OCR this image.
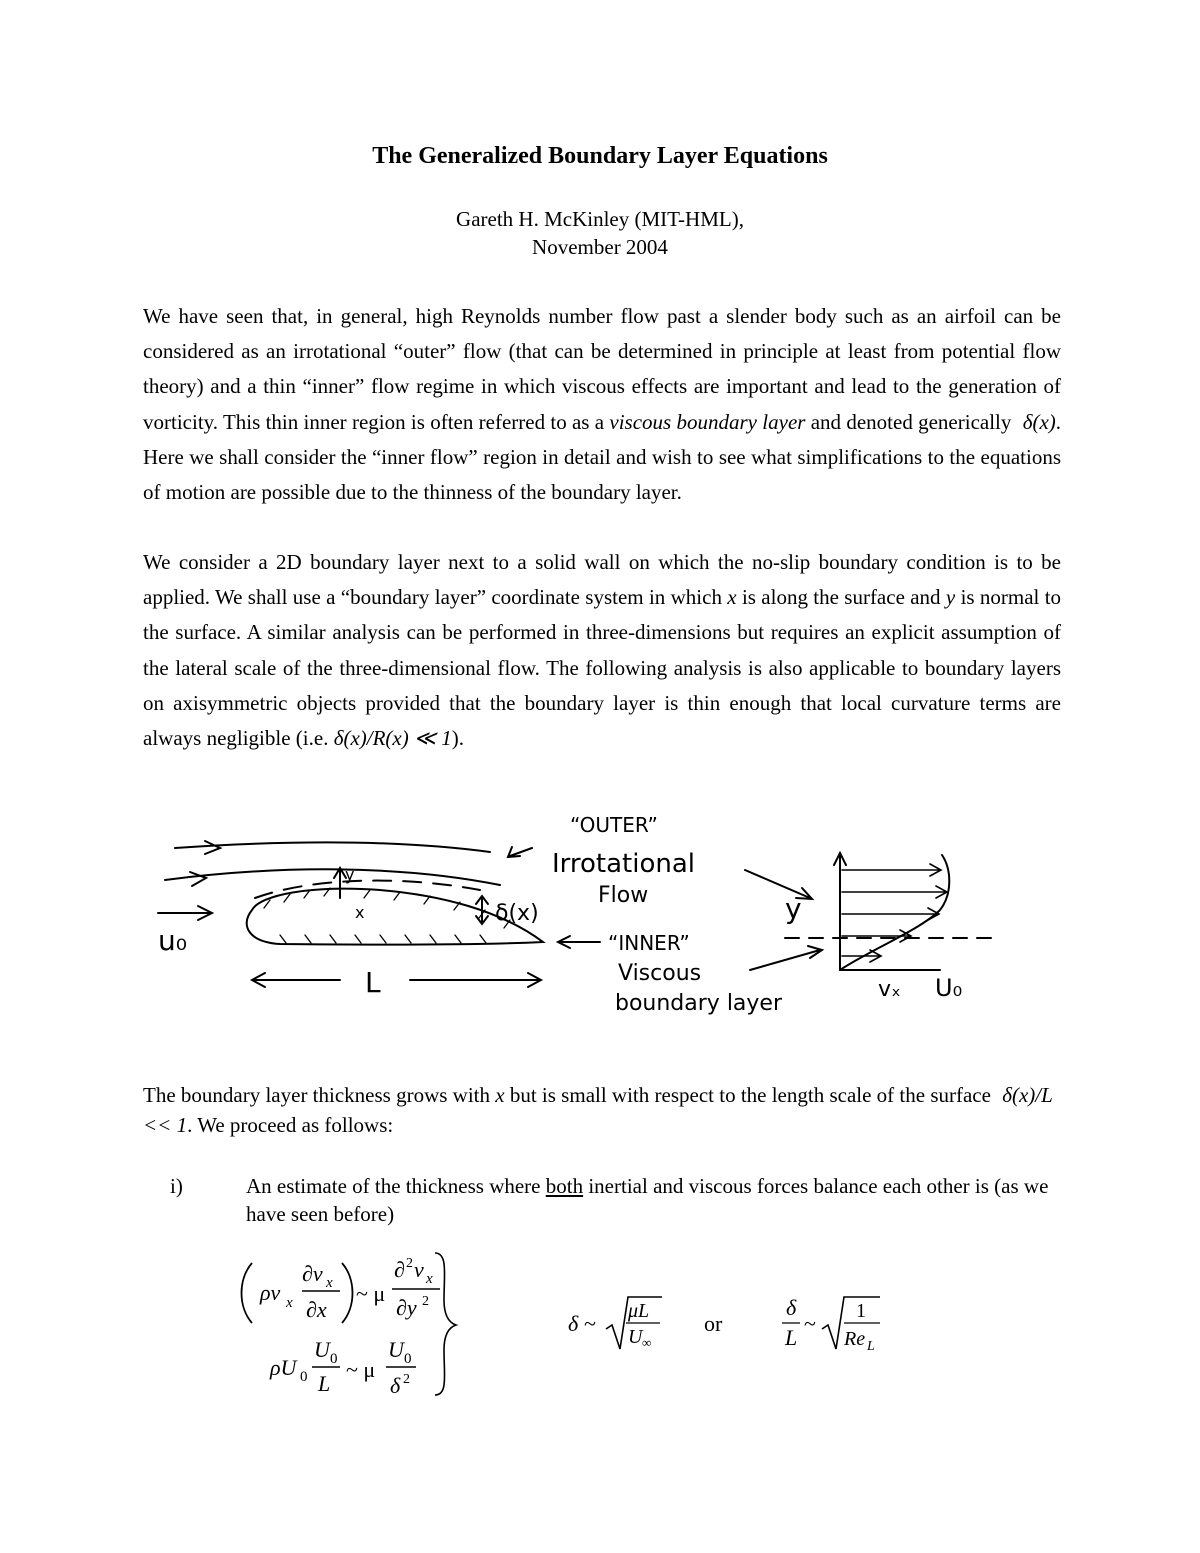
The Generalized Boundary Layer Equations
Gareth H. McKinley (MIT-HML),
November 2004

We have seen that, in general, high Reynolds number flow past a slender body such as an airfoil can be considered as an irrotational “outer” flow (that can be determined in principle at least from potential flow theory) and a thin “inner” flow regime in which viscous effects are important and lead to the generation of vorticity. This thin inner region is often referred to as a viscous boundary layer and denoted generically δ(x). Here we shall consider the “inner flow” region in detail and wish to see what simplifications to the equations of motion are possible due to the thinness of the boundary layer.

We consider a 2D boundary layer next to a solid wall on which the no-slip boundary condition is to be applied. We shall use a “boundary layer” coordinate system in which x is along the surface and y is normal to the surface. A similar analysis can be performed in three-dimensions but requires an explicit assumption of the lateral scale of the three-dimensional flow. The following analysis is also applicable to boundary layers on axisymmetric objects provided that the boundary layer is thin enough that local curvature terms are always negligible (i.e. δ(x)/R(x) ≪ 1).

“OUTER”
Irrotational
Flow
“INNER”
Viscous
boundary layer
u₀
y
x
L
δ(x)	y
vₓ U₀

The boundary layer thickness grows with x but is small with respect to the length scale of the surface δ(x)/L << 1. We proceed as follows:

i)	An estimate of the thickness where both inertial and viscous forces balance each other is (as we have seen before)
ρv x
∂v x
∂x
~ μ
∂ 2 v x
∂y 2
ρU 0
U 0
L
~ μ
U 0
δ 2
δ ~ μL
U ∞
or
δ
L
~ 1
Re L
